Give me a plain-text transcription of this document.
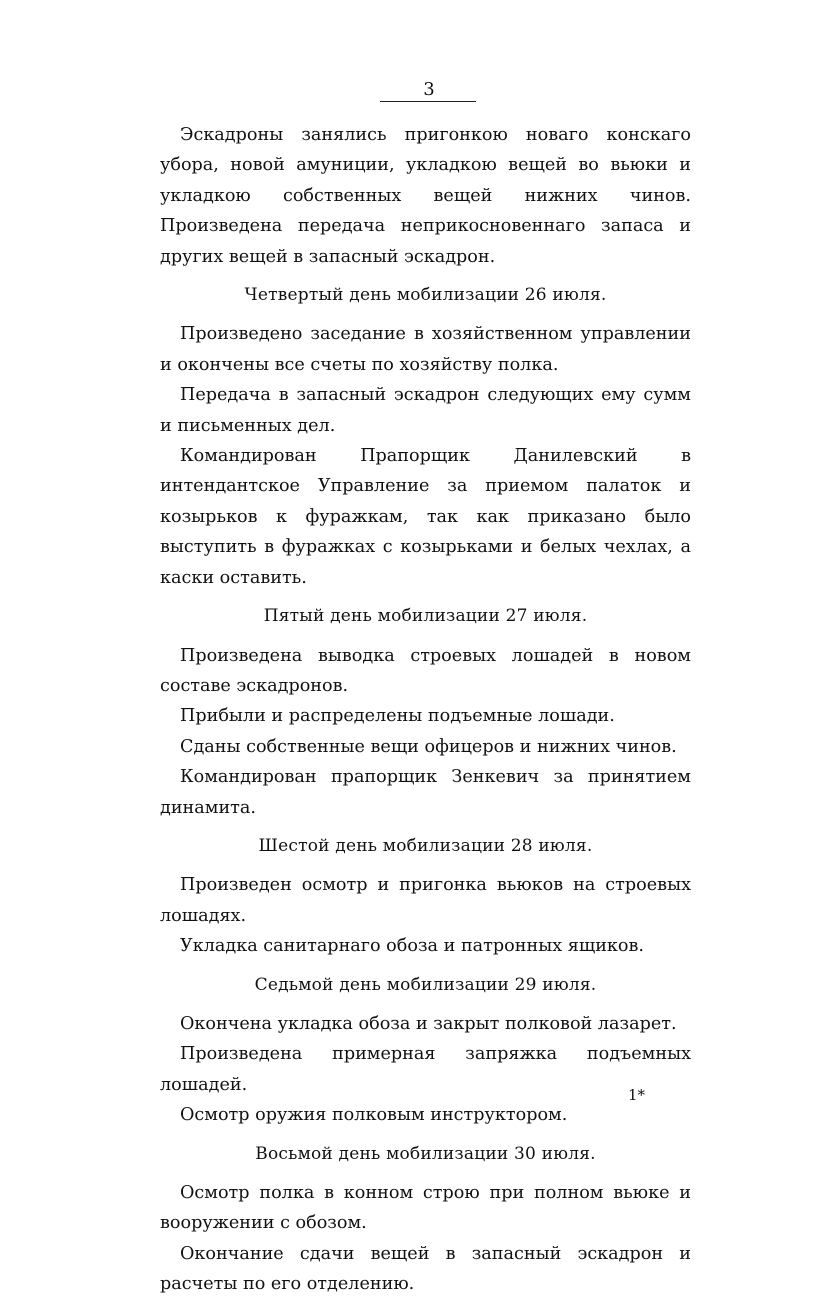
3

Эскадроны занялись пригонкою новаго конскаго убора, новой амуниции, укладкою вещей во вьюки и укладкою собственных вещей нижних чинов. Произведена передача неприкосновеннаго запаса и других вещей в запасный эскадрон.

Четвертый день мобилизации 26 июля.

Произведено заседание в хозяйственном управлении и окончены все счеты по хозяйству полка.

Передача в запасный эскадрон следующих ему сумм и письменных дел.

Командирован Прапорщик Данилевский в интендантское Управление за приемом палаток и козырьков к фуражкам, так как приказано было выступить в фуражках с козырьками и белых чехлах, а каски оставить.

Пятый день мобилизации 27 июля.

Произведена выводка строевых лошадей в новом составе эскадронов.

Прибыли и распределены подъемные лошади.

Сданы собственные вещи офицеров и нижних чинов.

Командирован прапорщик Зенкевич за принятием динамита.

Шестой день мобилизации 28 июля.

Произведен осмотр и пригонка вьюков на строевых лошадях.

Укладка санитарнаго обоза и патронных ящиков.

Седьмой день мобилизации 29 июля.

Окончена укладка обоза и закрыт полковой лазарет.

Произведена примерная запряжка подъемных лошадей.

Осмотр оружия полковым инструктором.

Восьмой день мобилизации 30 июля.

Осмотр полка в конном строю при полном вьюке и вооружении с обозом.

Окончание сдачи вещей в запасный эскадрон и расчеты по его отделению.

1*
